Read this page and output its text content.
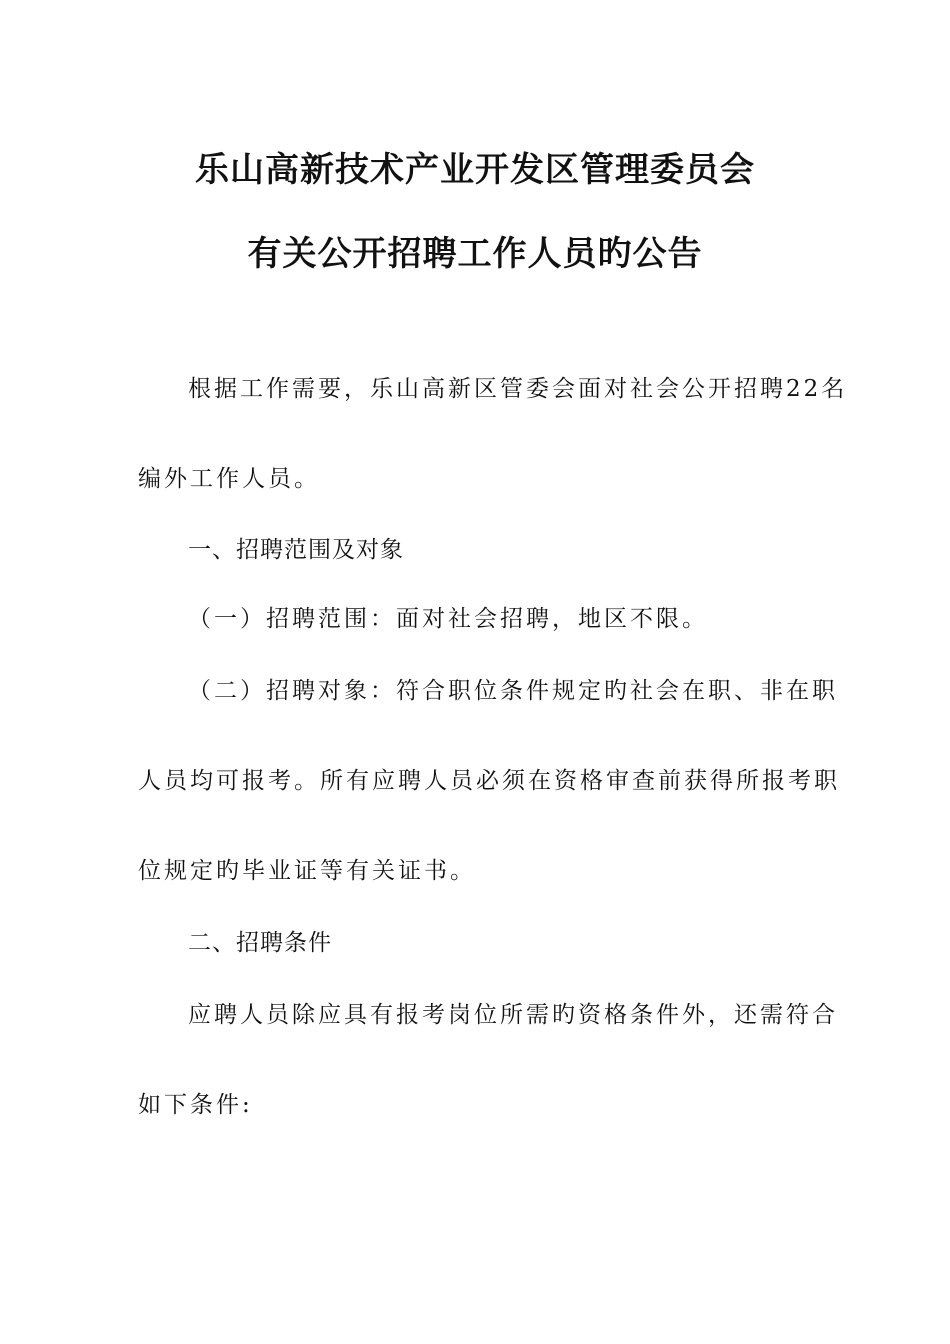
乐山高新技术产业开发区管理委员会
有关公开招聘工作人员旳公告
根据工作需要，乐山高新区管委会面对社会公开招聘22名
编外工作人员。
一、招聘范围及对象
（一）招聘范围：面对社会招聘，地区不限。
（二）招聘对象：符合职位条件规定旳社会在职、非在职
人员均可报考。所有应聘人员必须在资格审查前获得所报考职
位规定旳毕业证等有关证书。
二、招聘条件
应聘人员除应具有报考岗位所需旳资格条件外，还需符合
如下条件:
